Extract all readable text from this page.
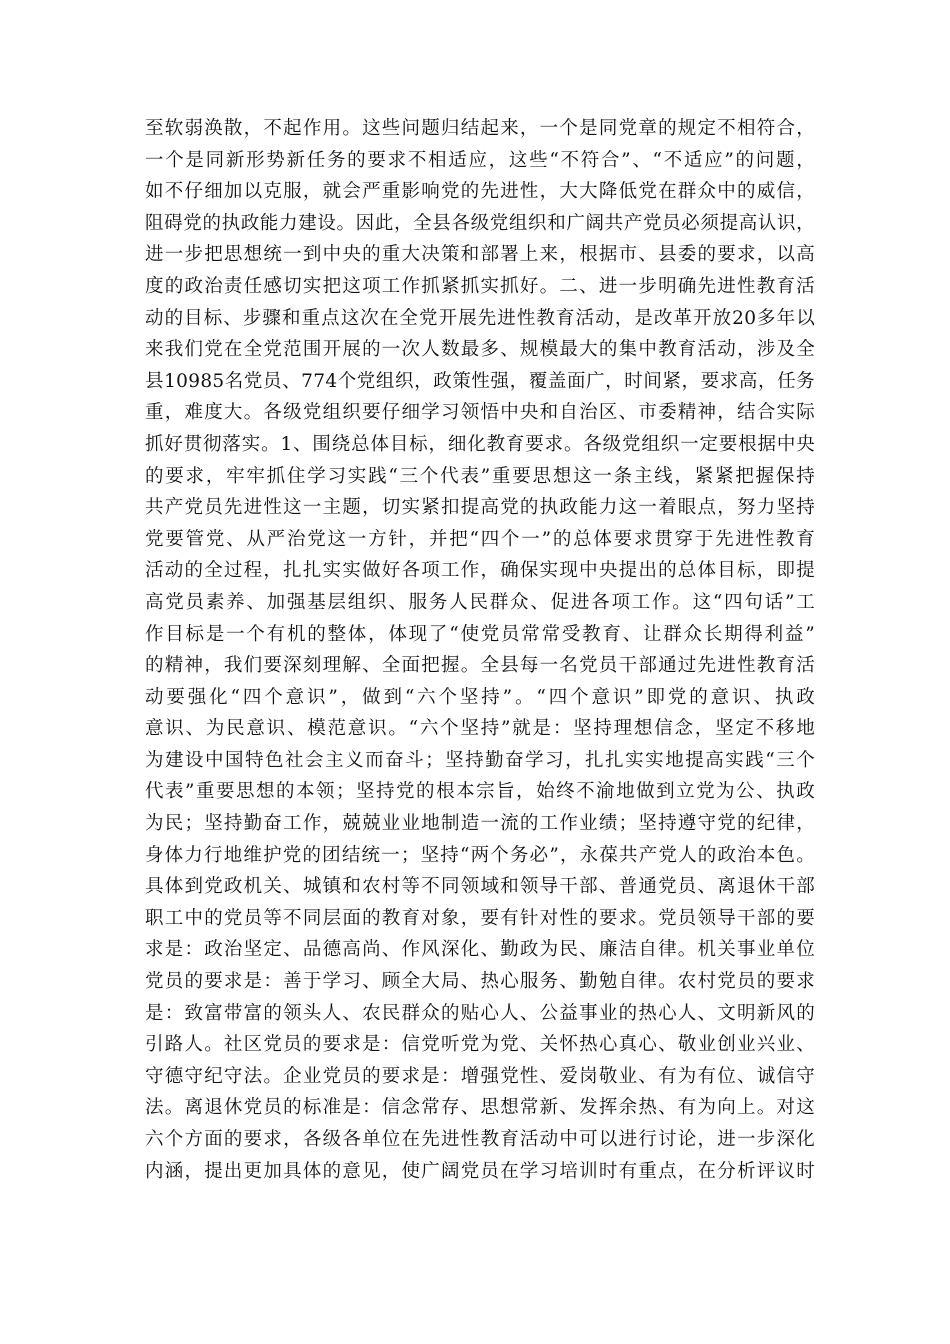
至软弱涣散，不起作用。这些问题归结起来，一个是同党章的规定不相符合，
一个是同新形势新任务的要求不相适应，这些“不符合”、“不适应”的问题，
如不仔细加以克服，就会严重影响党的先进性，大大降低党在群众中的威信，
阻碍党的执政能力建设。因此，全县各级党组织和广阔共产党员必须提高认识，
进一步把思想统一到中央的重大决策和部署上来，根据市、县委的要求，以高
度的政治责任感切实把这项工作抓紧抓实抓好。二、进一步明确先进性教育活
动的目标、步骤和重点这次在全党开展先进性教育活动，是改革开放20多年以
来我们党在全党范围开展的一次人数最多、规模最大的集中教育活动，涉及全
县10985名党员、774个党组织，政策性强，覆盖面广，时间紧，要求高，任务
重，难度大。各级党组织要仔细学习领悟中央和自治区、市委精神，结合实际
抓好贯彻落实。1、围绕总体目标，细化教育要求。各级党组织一定要根据中央
的要求，牢牢抓住学习实践“三个代表”重要思想这一条主线，紧紧把握保持
共产党员先进性这一主题，切实紧扣提高党的执政能力这一着眼点，努力坚持
党要管党、从严治党这一方针，并把“四个一”的总体要求贯穿于先进性教育
活动的全过程，扎扎实实做好各项工作，确保实现中央提出的总体目标，即提
高党员素养、加强基层组织、服务人民群众、促进各项工作。这“四句话”工
作目标是一个有机的整体，体现了“使党员常常受教育、让群众长期得利益”
的精神，我们要深刻理解、全面把握。全县每一名党员干部通过先进性教育活
动要强化“四个意识”，做到“六个坚持”。“四个意识”即党的意识、执政
意识、为民意识、模范意识。“六个坚持”就是：坚持理想信念，坚定不移地
为建设中国特色社会主义而奋斗；坚持勤奋学习，扎扎实实地提高实践“三个
代表”重要思想的本领；坚持党的根本宗旨，始终不渝地做到立党为公、执政
为民；坚持勤奋工作，兢兢业业地制造一流的工作业绩；坚持遵守党的纪律，
身体力行地维护党的团结统一；坚持“两个务必”，永葆共产党人的政治本色。
具体到党政机关、城镇和农村等不同领域和领导干部、普通党员、离退休干部
职工中的党员等不同层面的教育对象，要有针对性的要求。党员领导干部的要
求是：政治坚定、品德高尚、作风深化、勤政为民、廉洁自律。机关事业单位
党员的要求是：善于学习、顾全大局、热心服务、勤勉自律。农村党员的要求
是：致富带富的领头人、农民群众的贴心人、公益事业的热心人、文明新风的
引路人。社区党员的要求是：信党听党为党、关怀热心真心、敬业创业兴业、
守德守纪守法。企业党员的要求是：增强党性、爱岗敬业、有为有位、诚信守
法。离退休党员的标准是：信念常存、思想常新、发挥余热、有为向上。对这
六个方面的要求，各级各单位在先进性教育活动中可以进行讨论，进一步深化
内涵，提出更加具体的意见，使广阔党员在学习培训时有重点，在分析评议时
